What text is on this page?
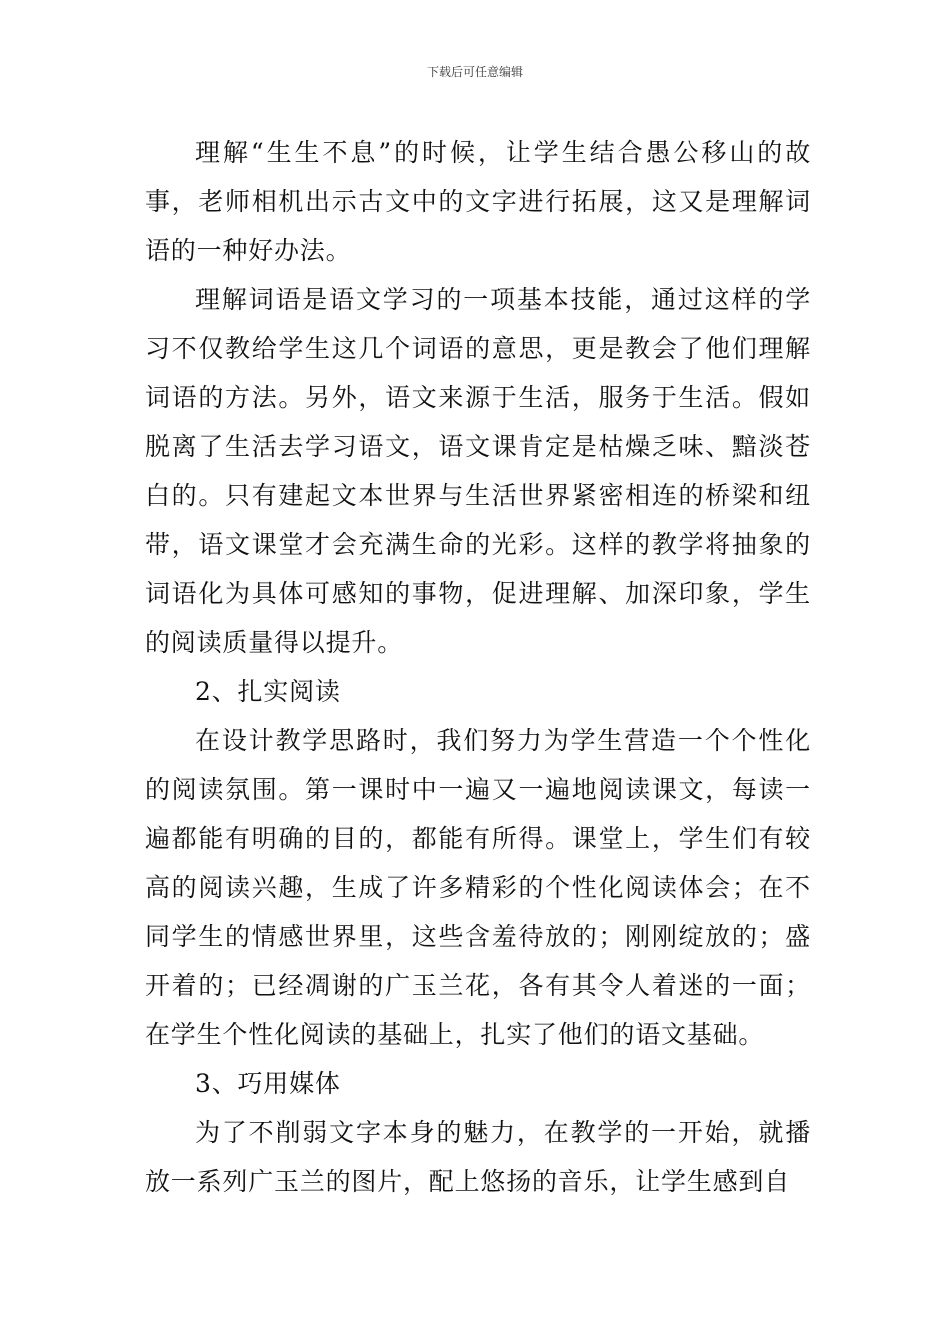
下载后可任意编辑

理解“生生不息”的时候，让学生结合愚公移山的故事，老师相机出示古文中的文字进行拓展，这又是理解词语的一种好办法。

理解词语是语文学习的一项基本技能，通过这样的学习不仅教给学生这几个词语的意思，更是教会了他们理解词语的方法。另外，语文来源于生活，服务于生活。假如脱离了生活去学习语文，语文课肯定是枯燥乏味、黯淡苍白的。只有建起文本世界与生活世界紧密相连的桥梁和纽带，语文课堂才会充满生命的光彩。这样的教学将抽象的词语化为具体可感知的事物，促进理解、加深印象，学生的阅读质量得以提升。

2、扎实阅读

在设计教学思路时，我们努力为学生营造一个个性化的阅读氛围。第一课时中一遍又一遍地阅读课文，每读一遍都能有明确的目的，都能有所得。课堂上，学生们有较高的阅读兴趣，生成了许多精彩的个性化阅读体会；在不同学生的情感世界里，这些含羞待放的；刚刚绽放的；盛开着的；已经凋谢的广玉兰花，各有其令人着迷的一面；在学生个性化阅读的基础上，扎实了他们的语文基础。

3、巧用媒体

为了不削弱文字本身的魅力，在教学的一开始，就播放一系列广玉兰的图片，配上悠扬的音乐，让学生感到自
